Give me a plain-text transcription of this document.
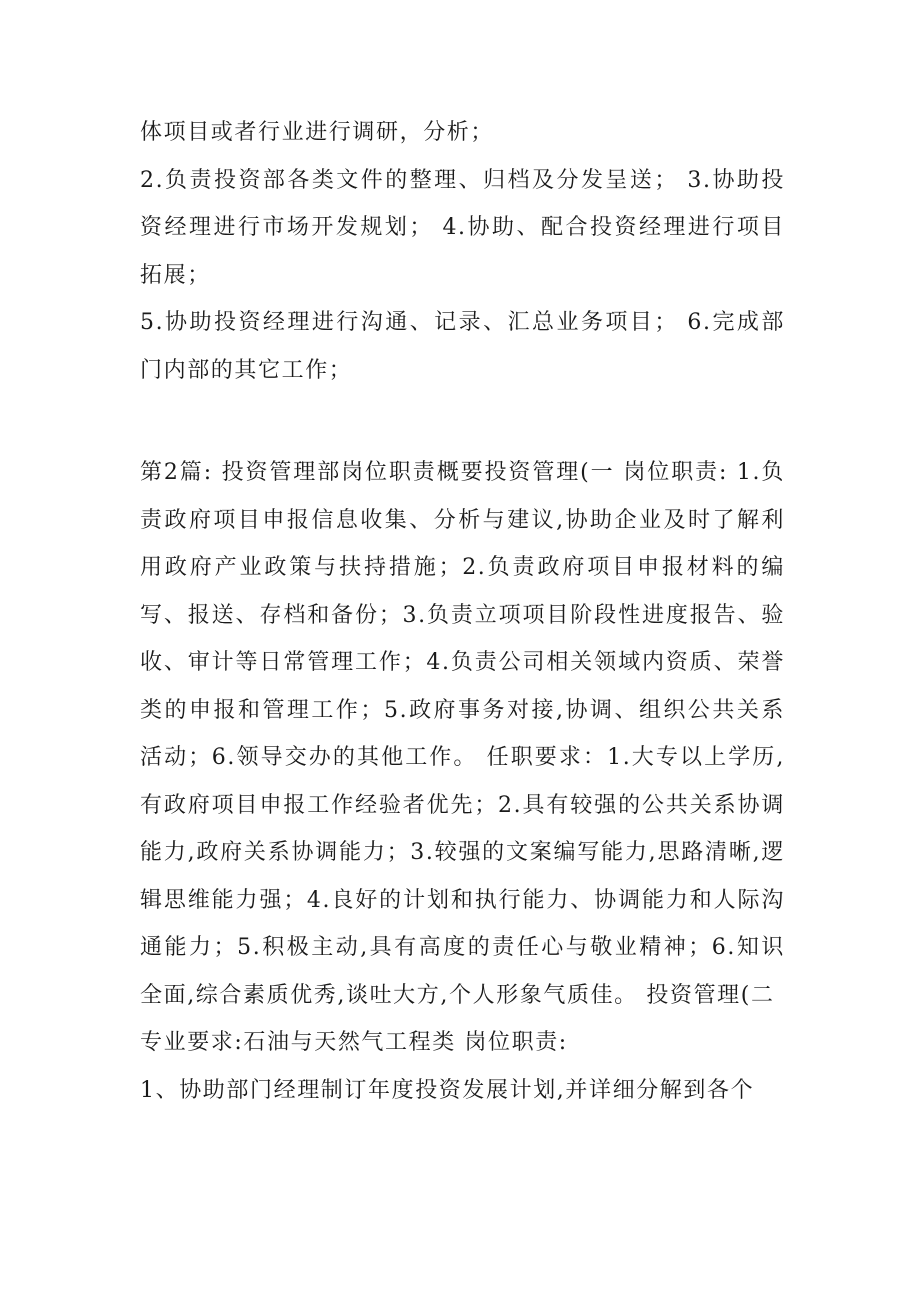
体项目或者行业进行调研，分析；

2.负责投资部各类文件的整理、归档及分发呈送； 3.协助投资经理进行市场开发规划； 4.协助、配合投资经理进行项目拓展；

5.协助投资经理进行沟通、记录、汇总业务项目； 6.完成部门内部的其它工作；

第2篇: 投资管理部岗位职责概要投资管理(一 岗位职责: 1.负责政府项目申报信息收集、分析与建议,协助企业及时了解利用政府产业政策与扶持措施；2.负责政府项目申报材料的编写、报送、存档和备份；3.负责立项项目阶段性进度报告、验收、审计等日常管理工作；4.负责公司相关领域内资质、荣誉类的申报和管理工作；5.政府事务对接,协调、组织公共关系活动；6.领导交办的其他工作。 任职要求：1.大专以上学历,有政府项目申报工作经验者优先；2.具有较强的公共关系协调能力,政府关系协调能力；3.较强的文案编写能力,思路清晰,逻辑思维能力强；4.良好的计划和执行能力、协调能力和人际沟通能力；5.积极主动,具有高度的责任心与敬业精神；6.知识全面,综合素质优秀,谈吐大方,个人形象气质佳。 投资管理(二

专业要求:石油与天然气工程类 岗位职责:

1、协助部门经理制订年度投资发展计划,并详细分解到各个
